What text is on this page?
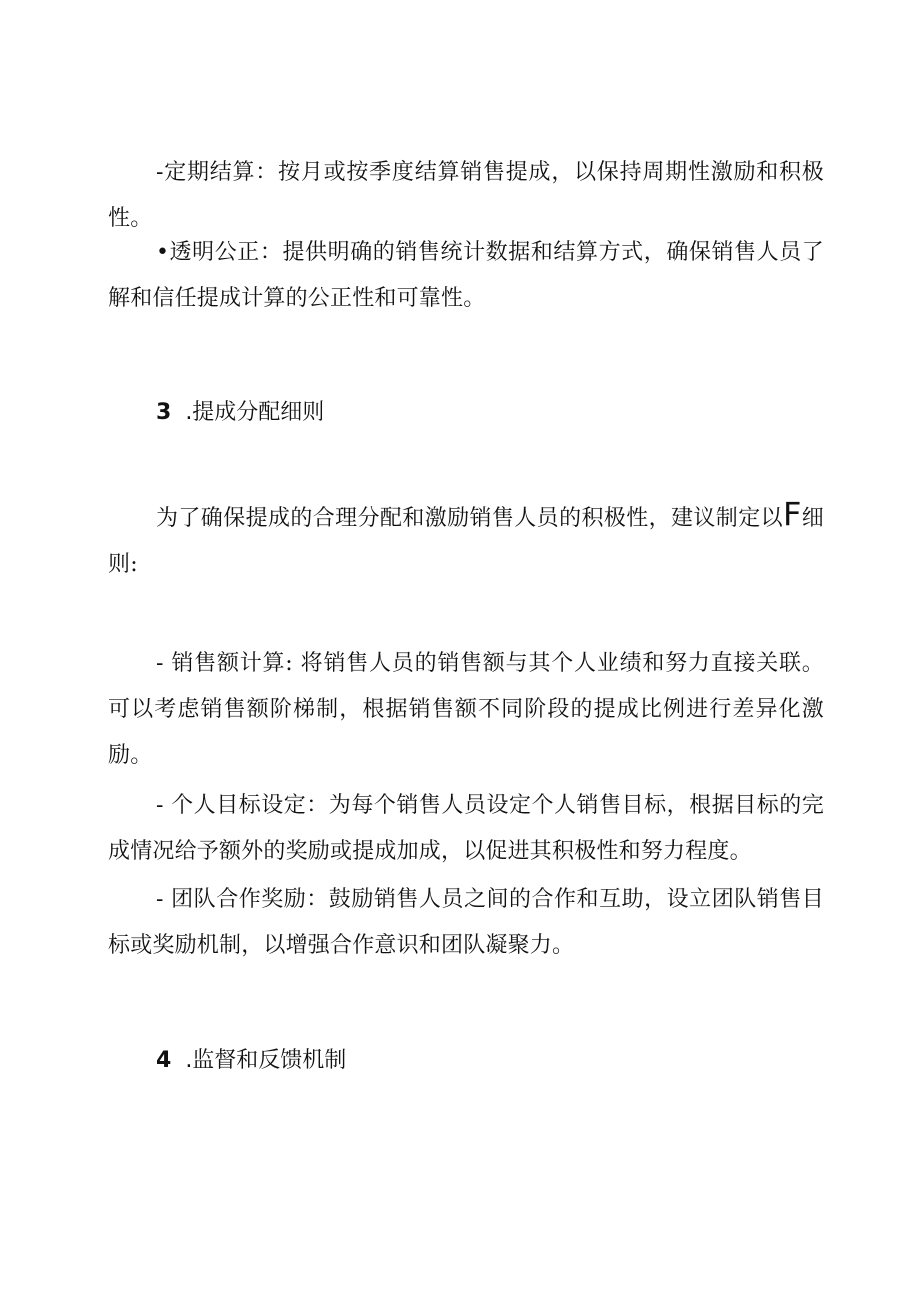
-定期结算：按月或按季度结算销售提成，以保持周期性激励和积极性。

•透明公正：提供明确的销售统计数据和结算方式，确保销售人员了解和信任提成计算的公正性和可靠性。

3 .提成分配细则

为了确保提成的合理分配和激励销售人员的积极性，建议制定以F细则:

- 销售额计算: 将销售人员的销售额与其个人业绩和努力直接关联。可以考虑销售额阶梯制，根据销售额不同阶段的提成比例进行差异化激励。

- 个人目标设定：为每个销售人员设定个人销售目标，根据目标的完成情况给予额外的奖励或提成加成，以促进其积极性和努力程度。

- 团队合作奖励：鼓励销售人员之间的合作和互助，设立团队销售目标或奖励机制，以增强合作意识和团队凝聚力。

4 .监督和反馈机制
